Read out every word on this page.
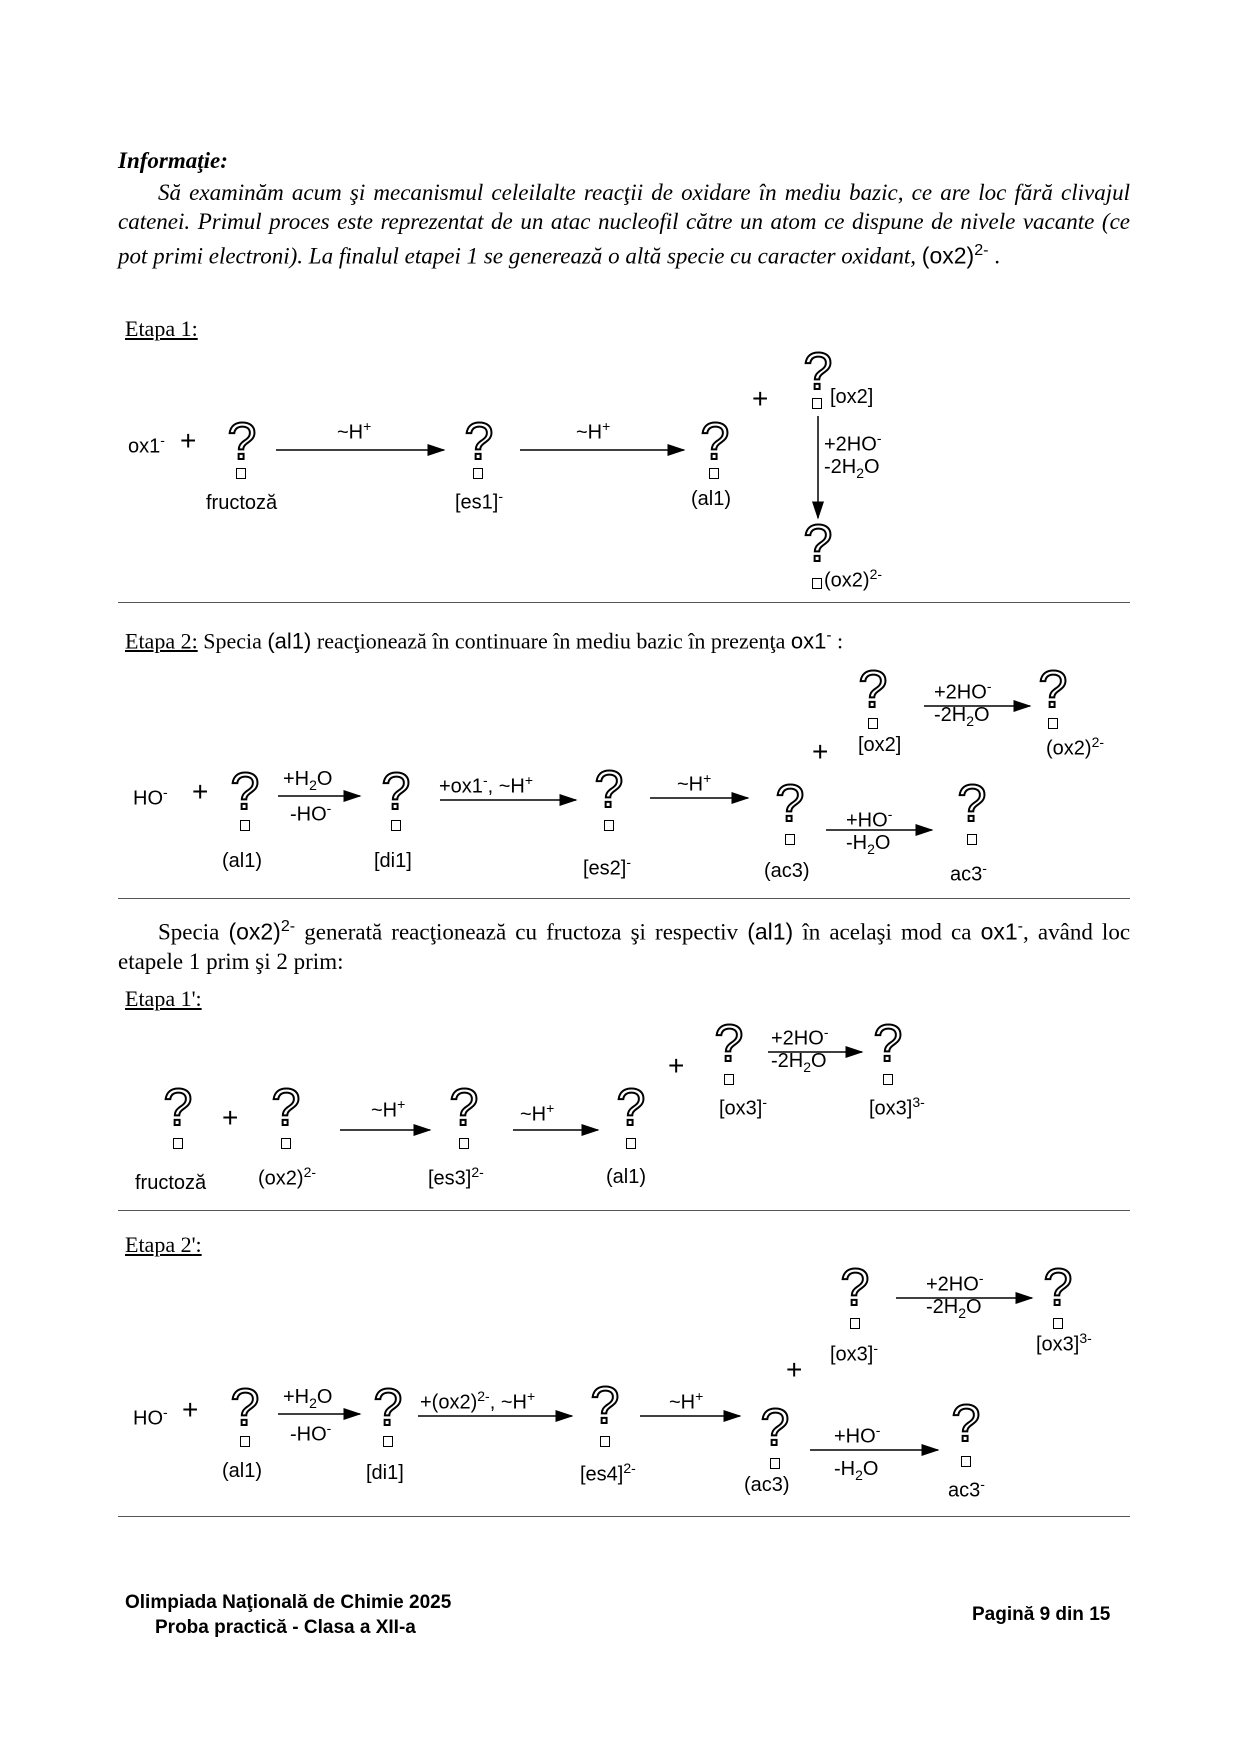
Informaţie:
Să examinăm acum şi mecanismul celeilalte reacţii de oxidare în mediu bazic, ce are loc fără clivajul catenei. Primul proces este reprezentat de un atac nucleofil către un atom ce dispune de nivele vacante (ce pot primi electroni). La finalul etapei 1 se generează o altă specie cu caracter oxidant, $(ox2)^{2-}$ .
Etapa 1:
ox1- + ?
fructoză
~H+ ?
[es1]-
~H+ ?
(al1)
+ ?
[ox2]
+2HO-
$-2H_2O$
?
$(ox2)^{2-}$
Etapa 2: Specia (al1) reacţionează în continuare în mediu bazic în prezenţa ox1- :
HO- + ?
(al1)
$+H_2O$
-HO- ?
[di1]
+ox1-, ~H+ ?
[es2]-
~H+ ?
(ac3)
+HO-
$-H_2O$
?
ac3-
+
?
[ox2]
+2HO-
$-2H_2O$ ?
$(ox2)^{2-}$
Specia $(ox2)^{2-}$ generată reacţionează cu fructoza şi respectiv (al1) în acelaşi mod ca ox1-, având loc etapele 1 prim şi 2 prim:
Etapa 1':
?
fructoză
+ ?
$(ox2)^{2-}$
~H+ ?
$[es3]^{2-}$
~H+ ?
(al1)
+ ?
[ox3]-
+2HO-
$-2H_2O$ ?
$[ox3]^{3-}$
Etapa 2':
HO- + ?
(al1)
$+H_2O$
-HO- ?
[di1]
$+(ox2)^{2-}$, ~H+ ?
$[es4]^{2-}$
~H+
?
(ac3)
+HO-
$-H_2O$
?
ac3-
+
?
[ox3]-
+2HO-
$-2H_2O$ ?
$[ox3]^{3-}$
Olimpiada Naţională de Chimie 2025
Proba practică - Clasa a XII-a
Pagină 9 din 15
